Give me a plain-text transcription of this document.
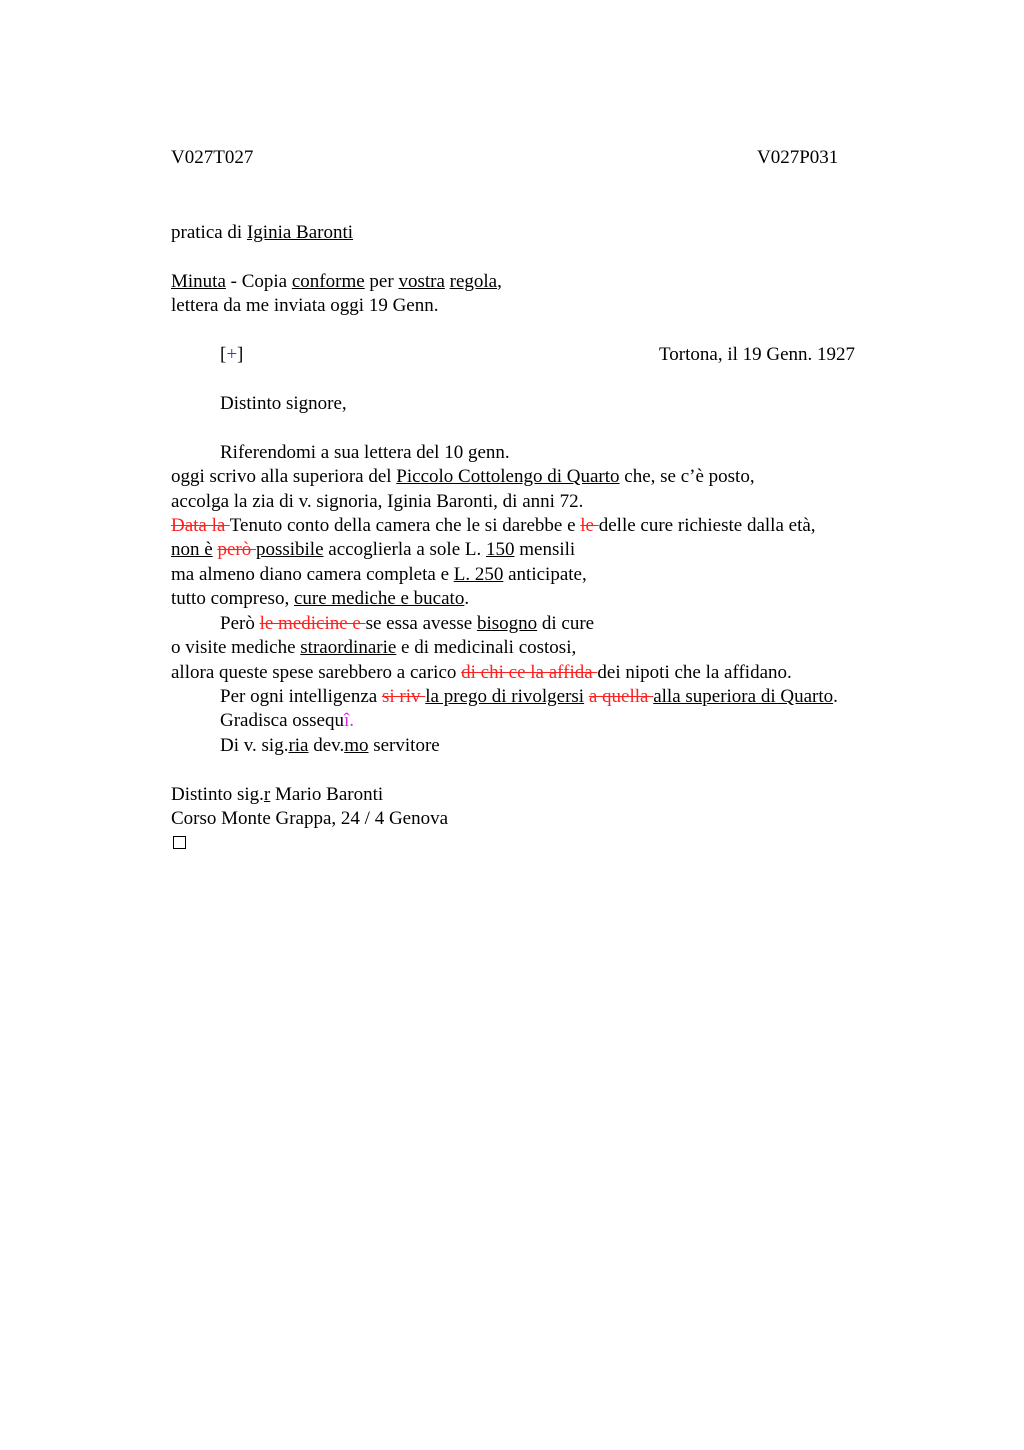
V027T027	V027P031
pratica di Iginia Baronti
Minuta - Copia conforme per vostra regola,
lettera da me inviata oggi 19 Genn.
[+]	Tortona, il 19 Genn. 1927
Distinto signore,
Riferendomi a sua lettera del 10 genn.
oggi scrivo alla superiora del Piccolo Cottolengo di Quarto che, se c’è posto,
accolga la zia di v. signoria, Iginia Baronti, di anni 72.
Data la Tenuto conto della camera che le si darebbe e le delle cure richieste dalla età,
non è però possibile accoglierla a sole L. 150 mensili
ma almeno diano camera completa e L. 250 anticipate,
tutto compreso, cure mediche e bucato.
Però le medicine e se essa avesse bisogno di cure
o visite mediche straordinarie e di medicinali costosi,
allora queste spese sarebbero a carico di chi ce la affida dei nipoti che la affidano.
Per ogni intelligenza si riv la prego di rivolgersi a quella alla superiora di Quarto.
Gradisca ossequî.
Di v. sig.ria dev.mo servitore
Distinto sig.r Mario Baronti
Corso Monte Grappa, 24 / 4 Genova
